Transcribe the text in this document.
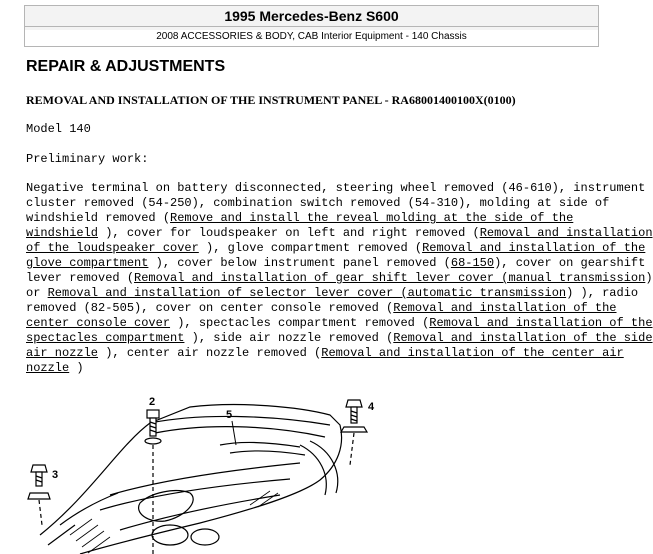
1995 Mercedes-Benz S600
2008 ACCESSORIES & BODY, CAB Interior Equipment - 140 Chassis
REPAIR & ADJUSTMENTS
REMOVAL AND INSTALLATION OF THE INSTRUMENT PANEL - RA68001400100X(0100)
Model 140
Preliminary work:
Negative terminal on battery disconnected, steering wheel removed (46-610), instrument
cluster removed (54-250), combination switch removed (54-310), molding at side of
windshield removed (Remove and install the reveal molding at the side of the
windshield ), cover for loudspeaker on left and right removed (Removal and installation
of the loudspeaker cover ), glove compartment removed (Removal and installation of the
glove compartment ), cover below instrument panel removed (68-150), cover on gearshift
lever removed (Removal and installation of gear shift lever cover (manual transmission)
or Removal and installation of selector lever cover (automatic transmission) ), radio
removed (82-505), cover on center console removed (Removal and installation of the
center console cover ), spectacles compartment removed (Removal and installation of the
spectacles compartment ), side air nozzle removed (Removal and installation of the side
air nozzle ), center air nozzle removed (Removal and installation of the center air
nozzle )
2
5
4
3
